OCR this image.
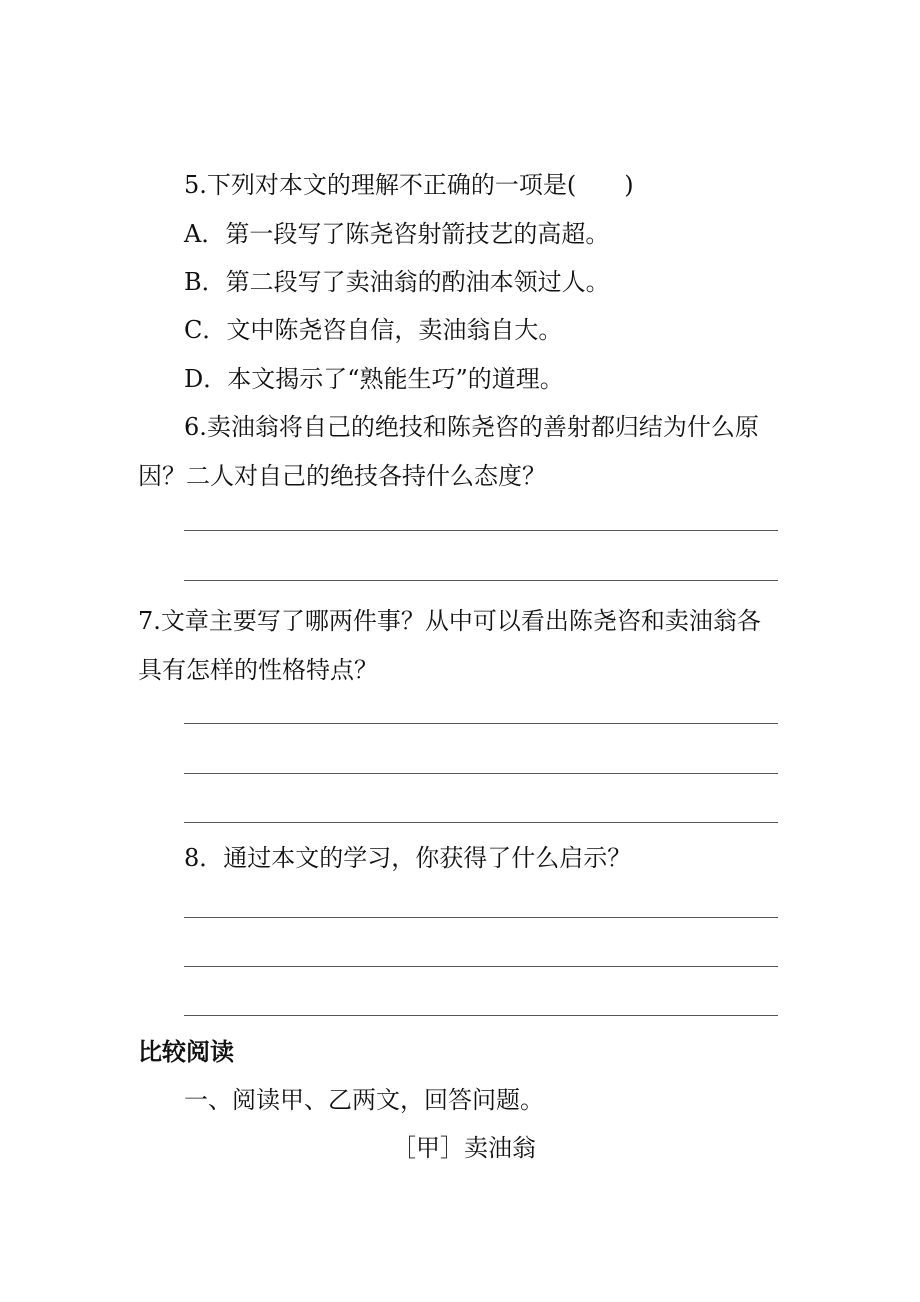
5.下列对本文的理解不正确的一项是(　　)
A．第一段写了陈尧咨射箭技艺的高超。
B．第二段写了卖油翁的酌油本领过人。
C．文中陈尧咨自信，卖油翁自大。
D．本文揭示了“熟能生巧”的道理。
6.卖油翁将自己的绝技和陈尧咨的善射都归结为什么原
因？二人对自己的绝技各持什么态度？
7.文章主要写了哪两件事？从中可以看出陈尧咨和卖油翁各
具有怎样的性格特点？
8．通过本文的学习，你获得了什么启示？
比较阅读
一、阅读甲、乙两文，回答问题。
［甲］卖油翁
